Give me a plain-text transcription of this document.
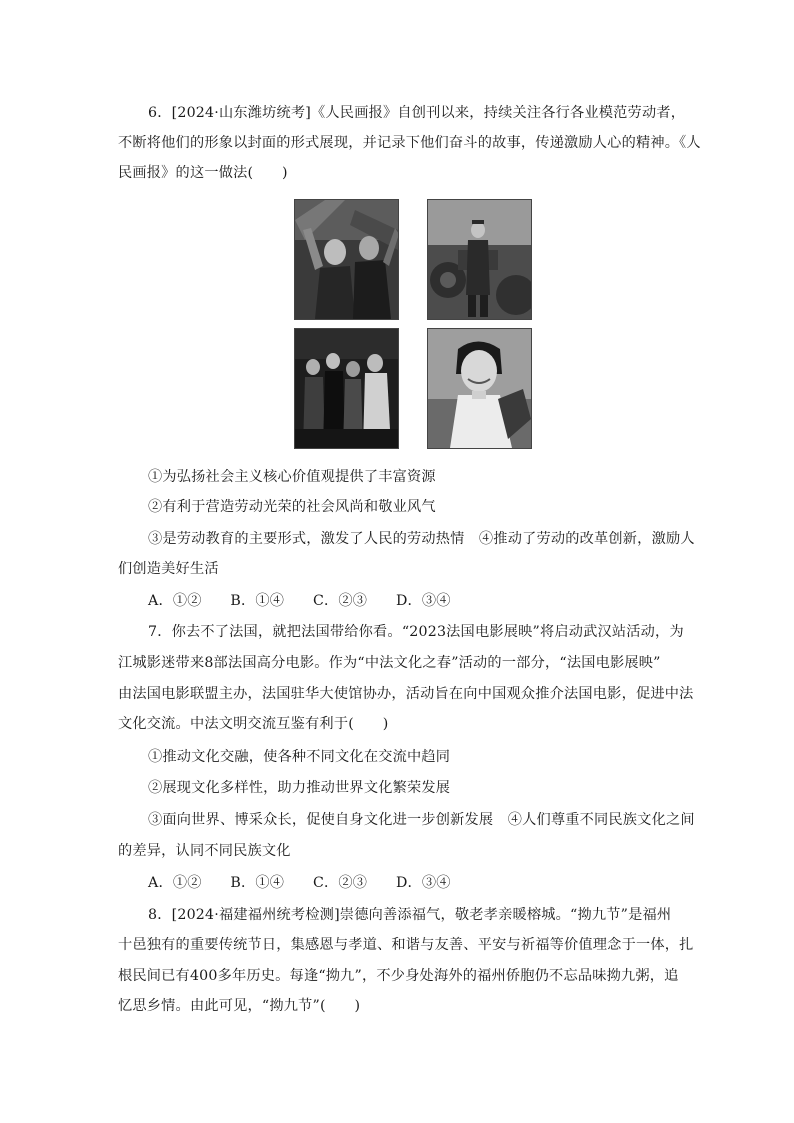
6．[2024·山东潍坊统考]《人民画报》自创刊以来，持续关注各行各业模范劳动者，
不断将他们的形象以封面的形式展现，并记录下他们奋斗的故事，传递激励人心的精神。《人
民画报》的这一做法(　　)
①为弘扬社会主义核心价值观提供了丰富资源
②有利于营造劳动光荣的社会风尚和敬业风气
③是劳动教育的主要形式，激发了人民的劳动热情　④推动了劳动的改革创新，激励人
们创造美好生活
A．①②　　B．①④　　C．②③　　D．③④
7．你去不了法国，就把法国带给你看。“2023法国电影展映”将启动武汉站活动，为
江城影迷带来8部法国高分电影。作为“中法文化之春”活动的一部分，“法国电影展映”
由法国电影联盟主办，法国驻华大使馆协办，活动旨在向中国观众推介法国电影，促进中法
文化交流。中法文明交流互鉴有利于(　　)
①推动文化交融，使各种不同文化在交流中趋同
②展现文化多样性，助力推动世界文化繁荣发展
③面向世界、博采众长，促使自身文化进一步创新发展　④人们尊重不同民族文化之间
的差异，认同不同民族文化
A．①②　　B．①④　　C．②③　　D．③④
8．[2024·福建福州统考检测]崇德向善添福气，敬老孝亲暖榕城。“拗九节”是福州
十邑独有的重要传统节日，集感恩与孝道、和谐与友善、平安与祈福等价值理念于一体，扎
根民间已有400多年历史。每逢“拗九”，不少身处海外的福州侨胞仍不忘品味拗九粥，追
忆思乡情。由此可见，“拗九节”(　　)
